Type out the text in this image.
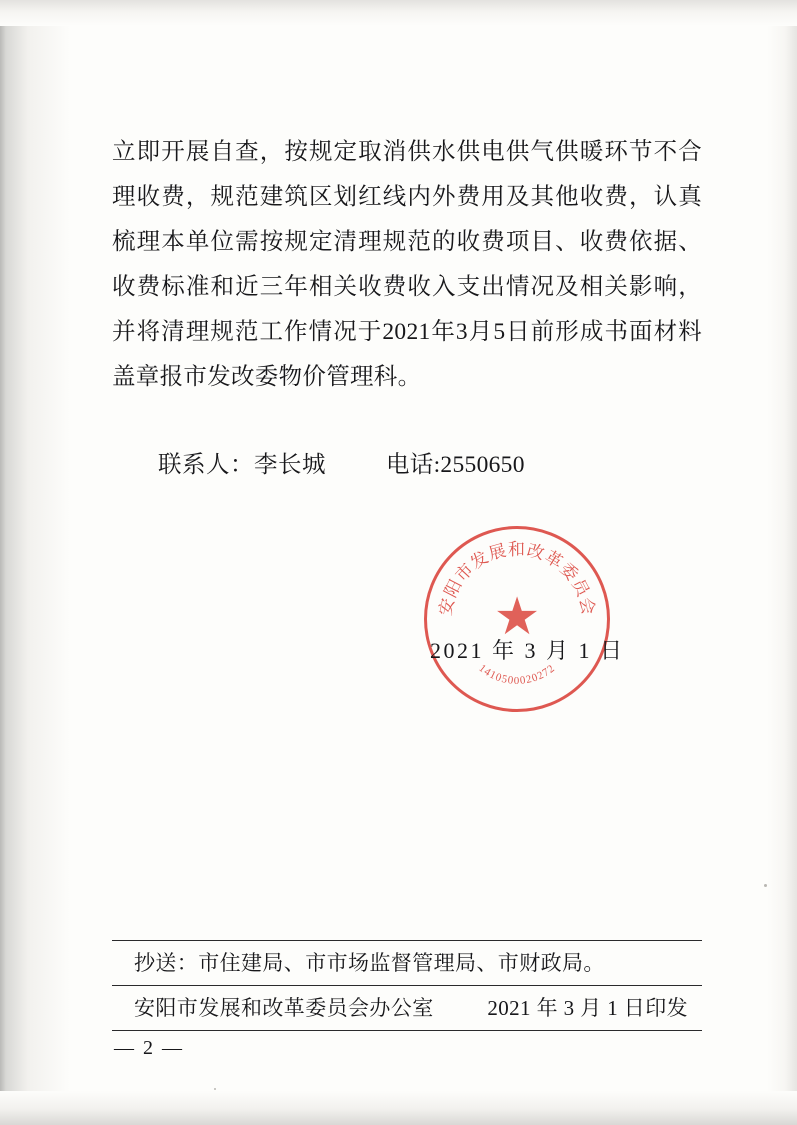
立即开展自查，按规定取消供水供电供气供暖环节不合理收费，规范建筑区划红线内外费用及其他收费，认真梳理本单位需按规定清理规范的收费项目、收费依据、收费标准和近三年相关收费收入支出情况及相关影响，并将清理规范工作情况于2021年3月5日前形成书面材料盖章报市发改委物价管理科。

联系人：李长城	电话:2550650
安阳市发展和改革委员会
★
1410500020272
2021 年 3 月 1 日
抄送：市住建局、市市场监督管理局、市财政局。
安阳市发展和改革委员会办公室	2021 年 3 月 1 日印发
— 2 —
